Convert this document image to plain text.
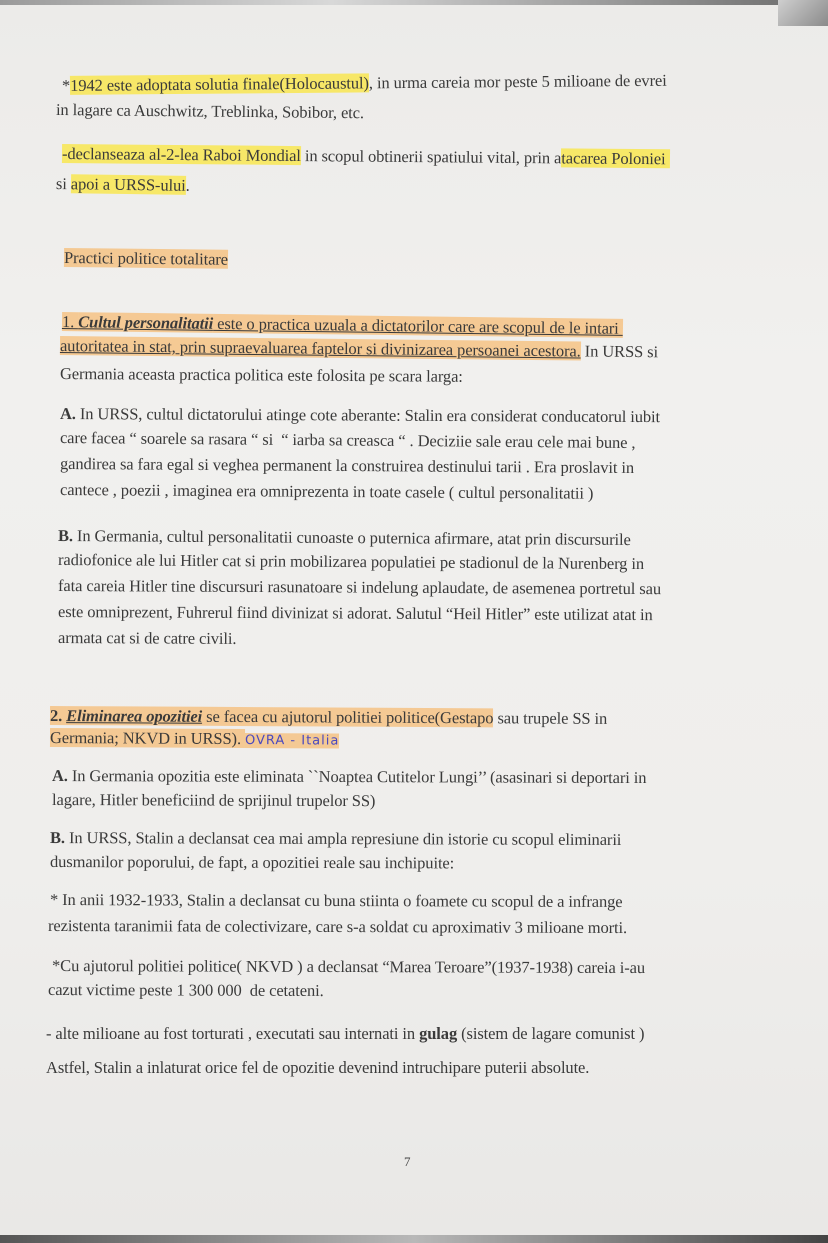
*1942 este adoptata solutia finale(Holocaustul), in urma careia mor peste 5 milioane de evrei
in lagare ca Auschwitz, Treblinka, Sobibor, etc.
-declanseaza al-2-lea Raboi Mondial in scopul obtinerii spatiului vital, prin atacarea Poloniei
si apoi a URSS-ului.
Practici politice totalitare
1. Cultul personalitatii este o practica uzuala a dictatorilor care are scopul de le intari
autoritatea in stat, prin supraevaluarea faptelor si divinizarea persoanei acestora. In URSS si
Germania aceasta practica politica este folosita pe scara larga:
A. In URSS, cultul dictatorului atinge cote aberante: Stalin era considerat conducatorul iubit
care facea “ soarele sa rasara “ si  “ iarba sa creasca “ . Deciziie sale erau cele mai bune ,
gandirea sa fara egal si veghea permanent la construirea destinului tarii . Era proslavit in
cantece , poezii , imaginea era omniprezenta in toate casele ( cultul personalitatii )
B. In Germania, cultul personalitatii cunoaste o puternica afirmare, atat prin discursurile
radiofonice ale lui Hitler cat si prin mobilizarea populatiei pe stadionul de la Nurenberg in
fata careia Hitler tine discursuri rasunatoare si indelung aplaudate, de asemenea portretul sau
este omniprezent, Fuhrerul fiind divinizat si adorat. Salutul “Heil Hitler” este utilizat atat in
armata cat si de catre civili.
2. Eliminarea opozitiei se facea cu ajutorul politiei politice(Gestapo sau trupele SS in
Germania; NKVD in URSS). OVRA - Italia
A. In Germania opozitia este eliminata ``Noaptea Cutitelor Lungi’’ (asasinari si deportari in
lagare, Hitler beneficiind de sprijinul trupelor SS)
B. In URSS, Stalin a declansat cea mai ampla represiune din istorie cu scopul eliminarii
dusmanilor poporului, de fapt, a opozitiei reale sau inchipuite:
* In anii 1932-1933, Stalin a declansat cu buna stiinta o foamete cu scopul de a infrange
rezistenta taranimii fata de colectivizare, care s-a soldat cu aproximativ 3 milioane morti.
*Cu ajutorul politiei politice( NKVD ) a declansat “Marea Teroare”(1937-1938) careia i-au
cazut victime peste 1 300 000  de cetateni.
- alte milioane au fost torturati , executati sau internati in gulag (sistem de lagare comunist )
Astfel, Stalin a inlaturat orice fel de opozitie devenind intruchipare puterii absolute.
7
